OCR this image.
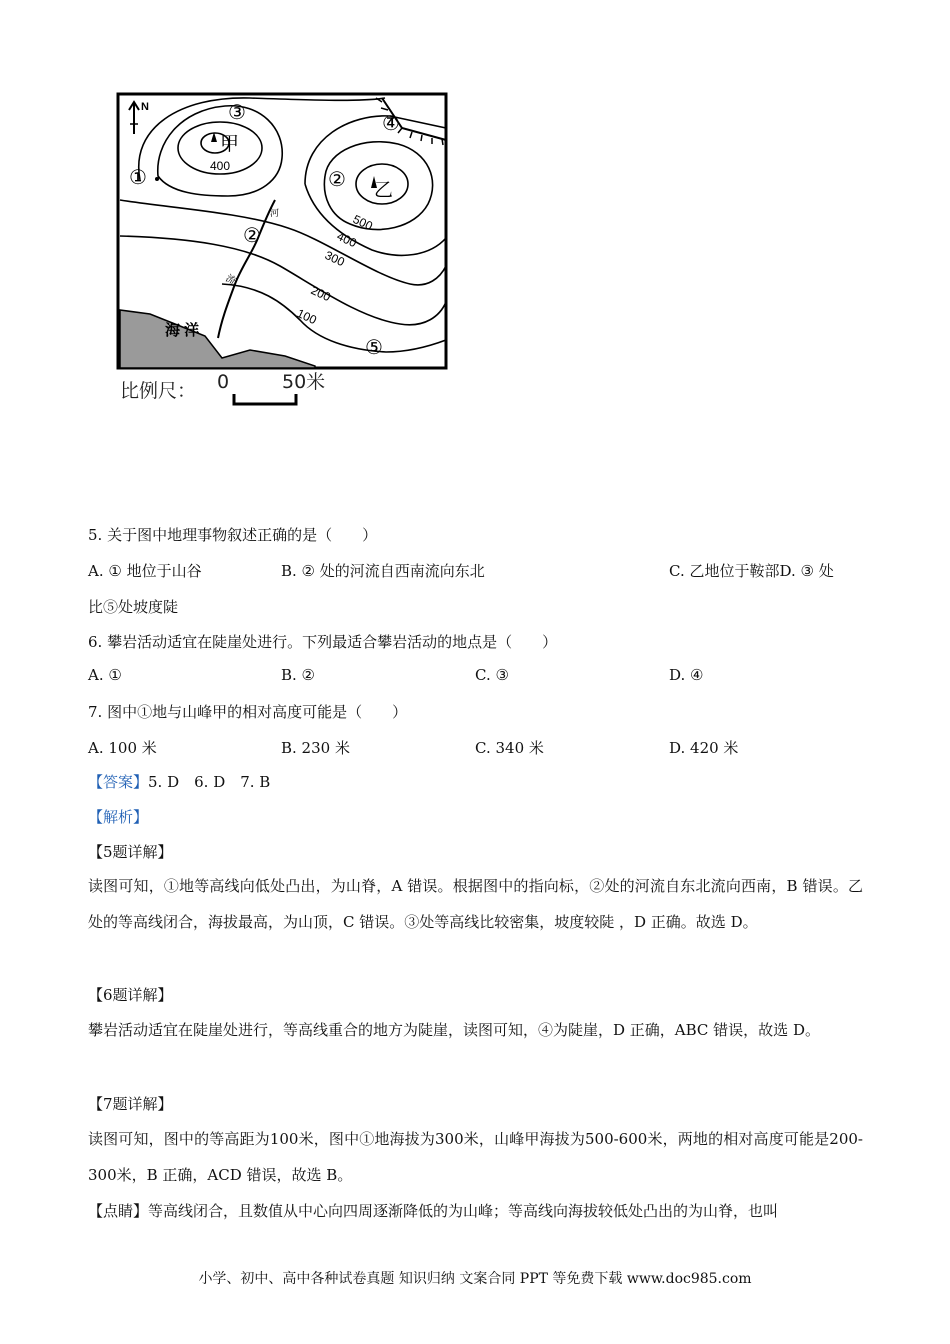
N	③	④
①	②
②
⑤
甲
乙
400
500
400
300
200
100
河
流
海 洋
比例尺： 0	50米
5. 关于图中地理事物叙述正确的是（　　）
A. ① 地位于山谷	B. ② 处的河流自西南流向东北	C. 乙地位于鞍部D. ③ 处
比⑤处坡度陡
6. 攀岩活动适宜在陡崖处进行。下列最适合攀岩活动的地点是（　　）
A. ①	B. ②	C. ③	D. ④
7. 图中①地与山峰甲的相对高度可能是（　　）
A. 100 米	B. 230 米	C. 340 米	D. 420 米
【答案】5. D　6. D　7. B
【解析】
【5题详解】
读图可知，①地等高线向低处凸出，为山脊，A 错误。根据图中的指向标，②处的河流自东北流向西南，B 错误。乙处的等高线闭合，海拔最高，为山顶，C 错误。③处等高线比较密集，坡度较陡 ，D 正确。故选 D。
【6题详解】
攀岩活动适宜在陡崖处进行，等高线重合的地方为陡崖，读图可知，④为陡崖，D 正确，ABC 错误，故选 D。
【7题详解】
读图可知，图中的等高距为100米，图中①地海拔为300米，山峰甲海拔为500-600米，两地的相对高度可能是200-300米，B 正确，ACD 错误，故选 B。
【点睛】等高线闭合，且数值从中心向四周逐渐降低的为山峰；等高线向海拔较低处凸出的为山脊，也叫
小学、初中、高中各种试卷真题 知识归纳 文案合同 PPT 等免费下载 www.doc985.com
